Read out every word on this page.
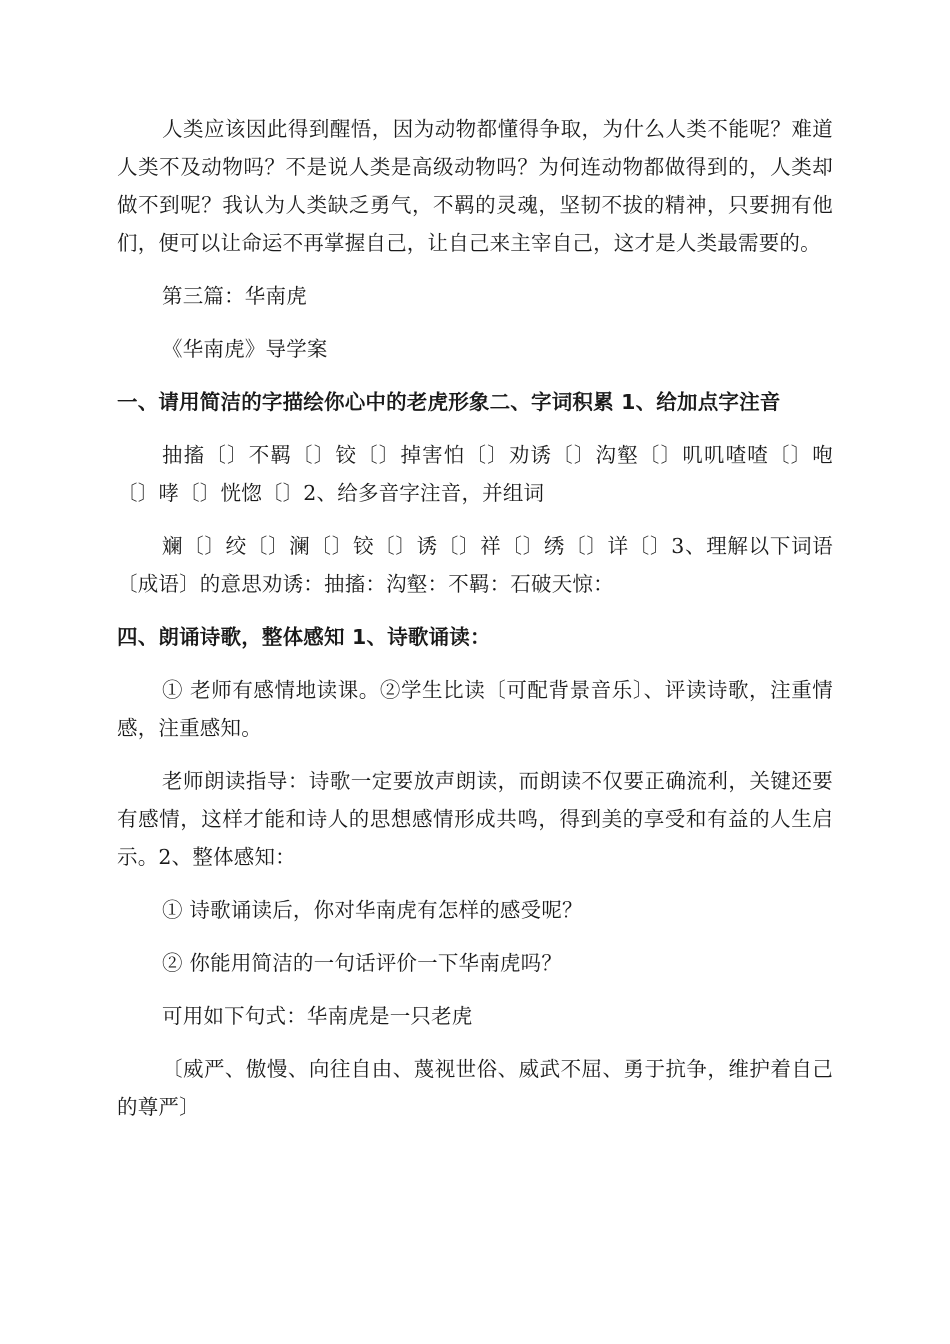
人类应该因此得到醒悟，因为动物都懂得争取，为什么人类不能呢？难道人类不及动物吗？不是说人类是高级动物吗？为何连动物都做得到的，人类却做不到呢？我认为人类缺乏勇气，不羁的灵魂，坚韧不拔的精神，只要拥有他们，便可以让命运不再掌握自己，让自己来主宰自己，这才是人类最需要的。

第三篇：华南虎

《华南虎》导学案

一、请用简洁的字描绘你心中的老虎形象二、字词积累 1、给加点字注音

抽搐〔〕不羁〔〕铰〔〕掉害怕〔〕劝诱〔〕沟壑〔〕叽叽喳喳〔〕咆〔〕哮〔〕恍惚〔〕2、给多音字注音，并组词

斓〔〕绞〔〕澜〔〕铰〔〕诱〔〕祥〔〕绣〔〕详〔〕3、理解以下词语〔成语〕的意思劝诱：抽搐：沟壑：不羁：石破天惊：

四、朗诵诗歌，整体感知 1、诗歌诵读：

① 老师有感情地读课。②学生比读〔可配背景音乐〕、评读诗歌，注重情感，注重感知。

老师朗读指导：诗歌一定要放声朗读，而朗读不仅要正确流利，关键还要有感情，这样才能和诗人的思想感情形成共鸣，得到美的享受和有益的人生启示。2、整体感知：

① 诗歌诵读后，你对华南虎有怎样的感受呢？

② 你能用简洁的一句话评价一下华南虎吗？

可用如下句式：华南虎是一只老虎

〔威严、傲慢、向往自由、蔑视世俗、威武不屈、勇于抗争，维护着自己的尊严〕
